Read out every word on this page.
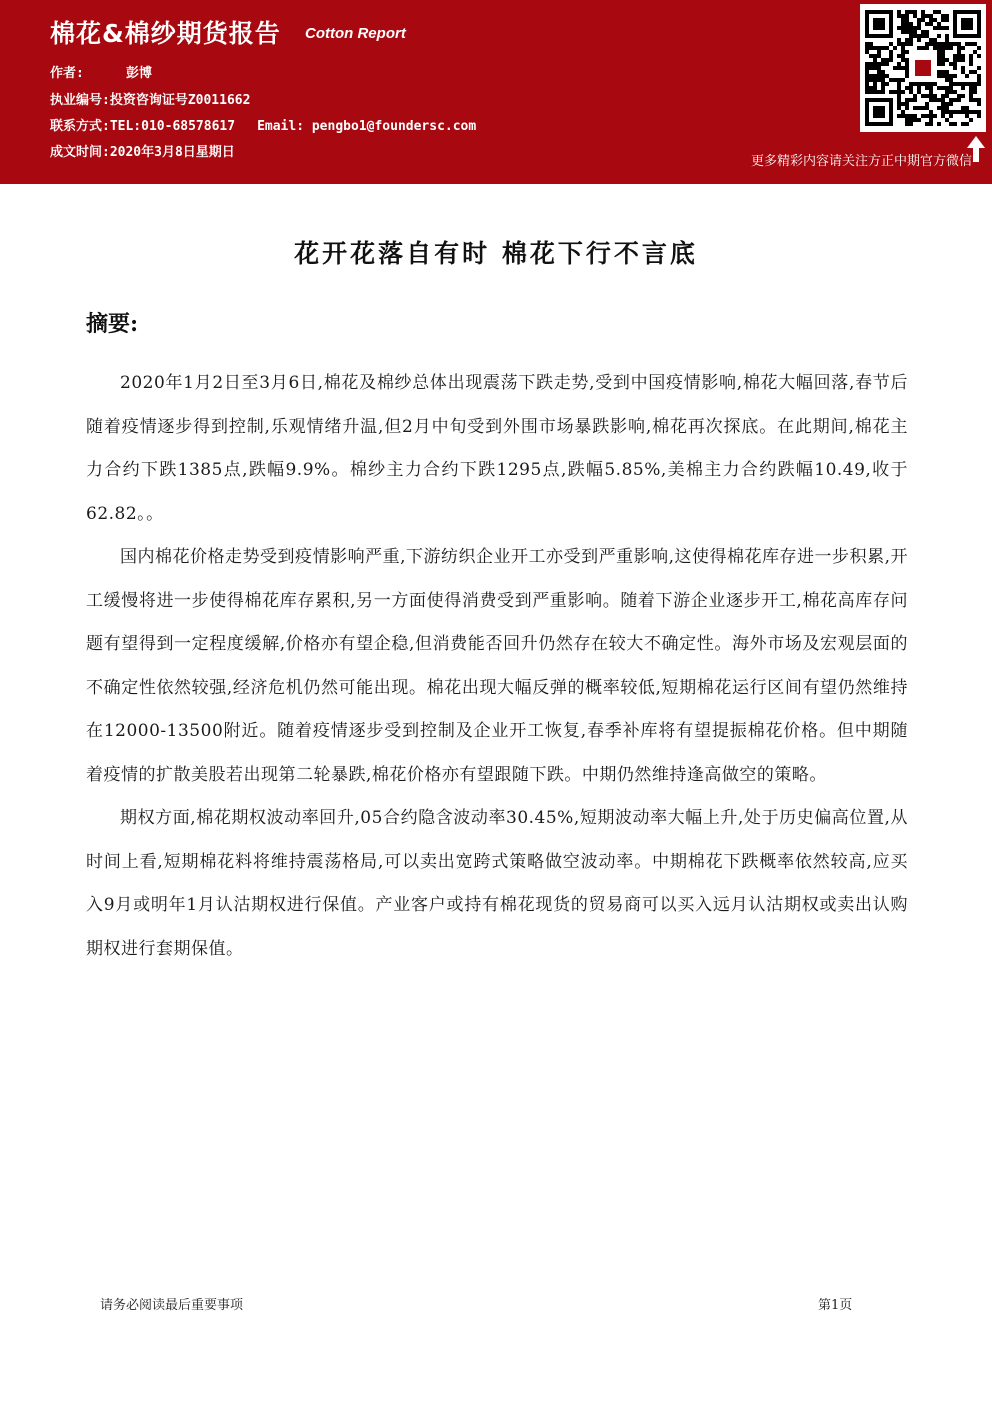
棉花&棉纱期货报告 Cotton Report
作者:	彭博
执业编号:投资咨询证号Z0011662
联系方式:TEL:010-68578617 Email: pengbo1@foundersc.com
成文时间:2020年3月8日星期日
更多精彩内容请关注方正中期官方微信
花开花落自有时 棉花下行不言底
摘要:

2020年1月2日至3月6日,棉花及棉纱总体出现震荡下跌走势,受到中国疫情影响,棉花大幅回落,春节后随着疫情逐步得到控制,乐观情绪升温,但2月中旬受到外围市场暴跌影响,棉花再次探底。在此期间,棉花主力合约下跌1385点,跌幅9.9%。棉纱主力合约下跌1295点,跌幅5.85%,美棉主力合约跌幅10.49,收于62.82。。

国内棉花价格走势受到疫情影响严重,下游纺织企业开工亦受到严重影响,这使得棉花库存进一步积累,开工缓慢将进一步使得棉花库存累积,另一方面使得消费受到严重影响。随着下游企业逐步开工,棉花高库存问题有望得到一定程度缓解,价格亦有望企稳,但消费能否回升仍然存在较大不确定性。海外市场及宏观层面的不确定性依然较强,经济危机仍然可能出现。棉花出现大幅反弹的概率较低,短期棉花运行区间有望仍然维持在12000-13500附近。随着疫情逐步受到控制及企业开工恢复,春季补库将有望提振棉花价格。但中期随着疫情的扩散美股若出现第二轮暴跌,棉花价格亦有望跟随下跌。中期仍然维持逢高做空的策略。

期权方面,棉花期权波动率回升,05合约隐含波动率30.45%,短期波动率大幅上升,处于历史偏高位置,从时间上看,短期棉花料将维持震荡格局,可以卖出宽跨式策略做空波动率。中期棉花下跌概率依然较高,应买入9月或明年1月认沽期权进行保值。产业客户或持有棉花现货的贸易商可以买入远月认沽期权或卖出认购期权进行套期保值。

请务必阅读最后重要事项	第1页
